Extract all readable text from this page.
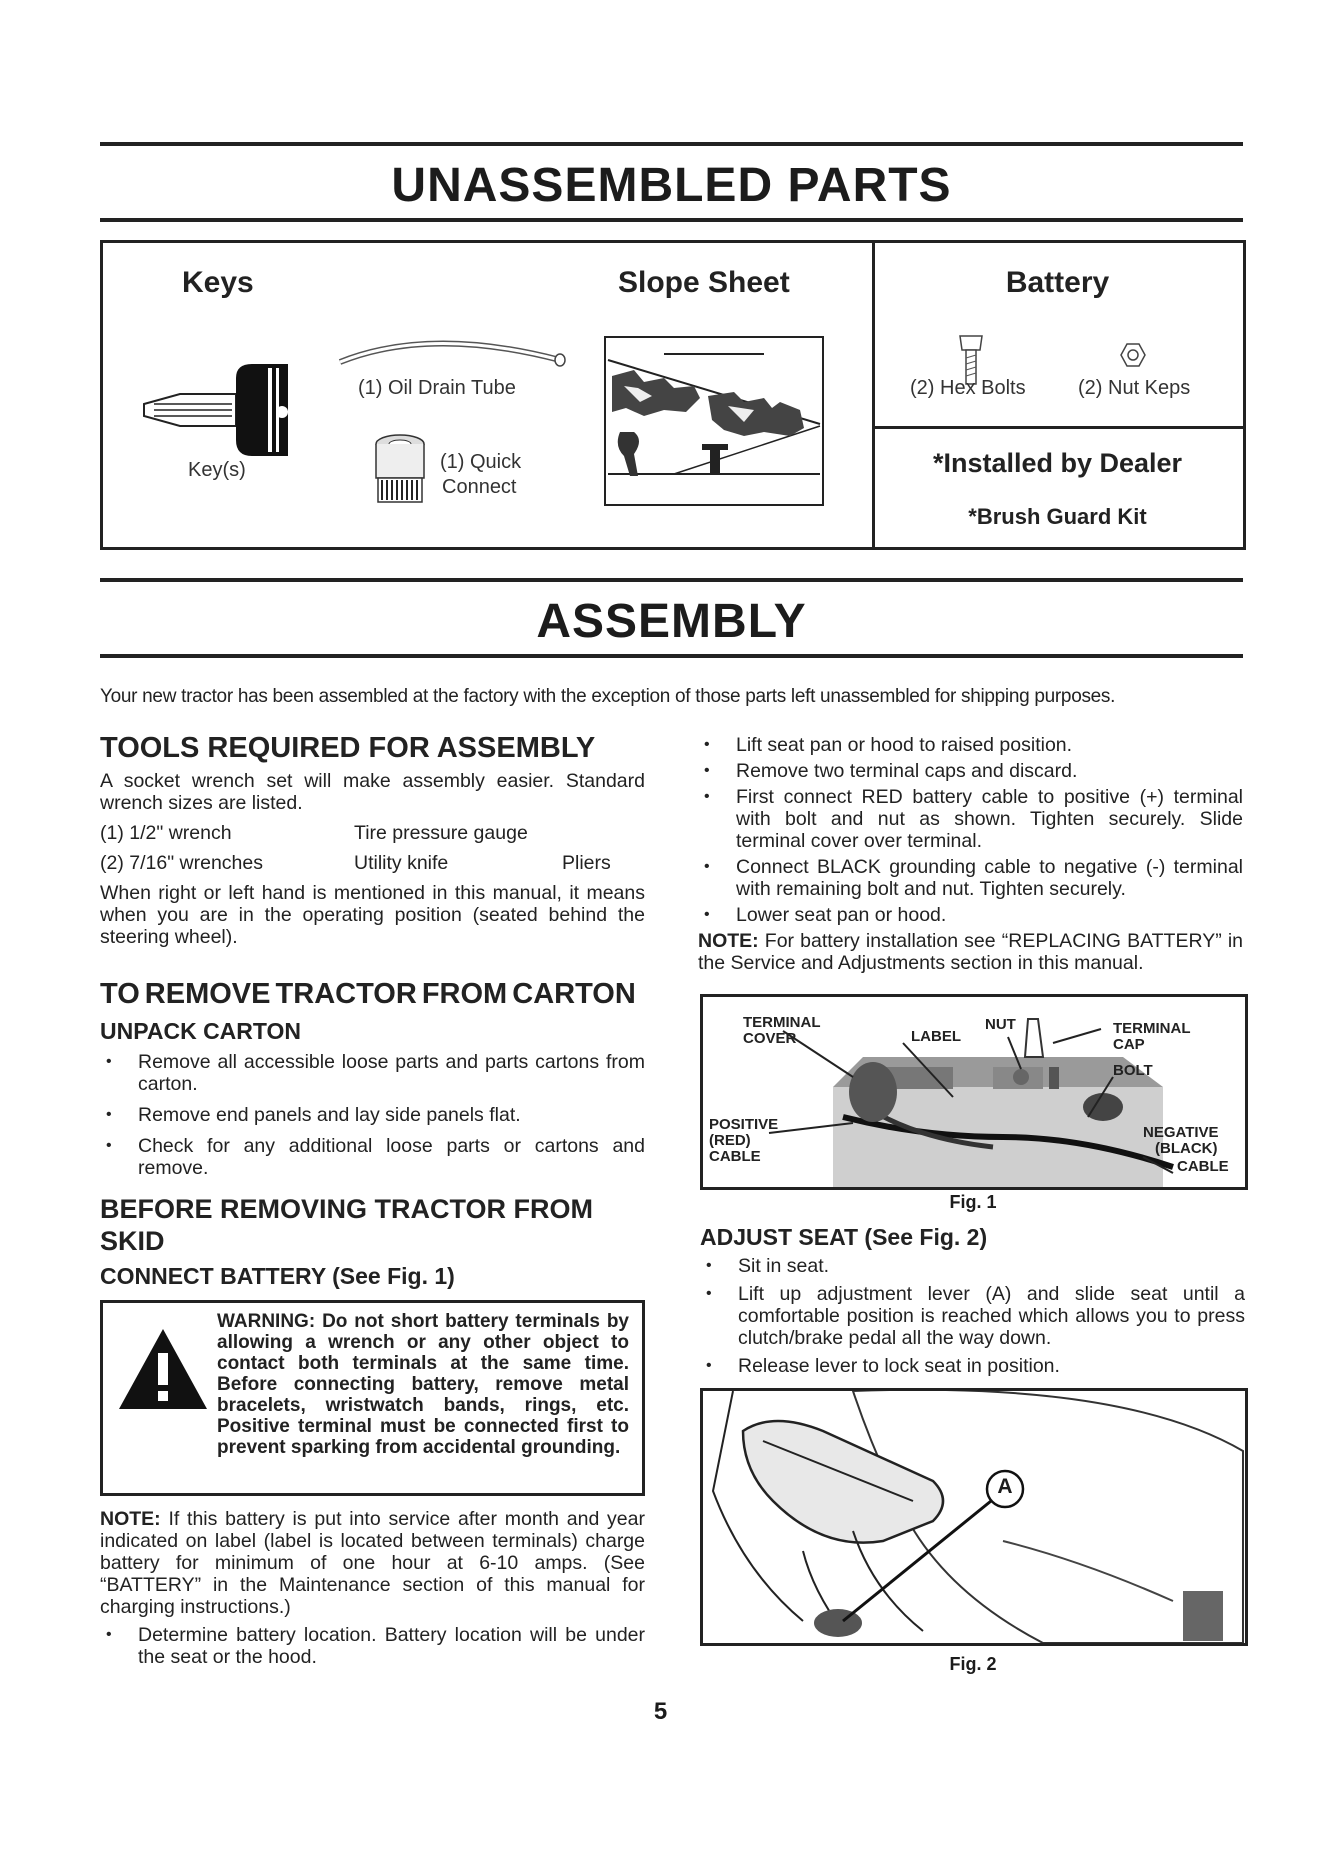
UNASSEMBLED PARTS
Keys	Slope Sheet	Battery
Key(s)
(1) Oil Drain Tube
(1) Quick
Connect
(2) Hex Bolts	(2) Nut Keps
*Installed by Dealer
*Brush Guard Kit
ASSEMBLY
Your new tractor has been assembled at the factory with the exception of those parts left unassembled for shipping purposes.
TOOLS REQUIRED FOR ASSEMBLY
A socket wrench set will make assembly easier. Standard wrench sizes are listed.
(1) 1/2" wrench	Tire pressure gauge
(2) 7/16" wrenches	Utility knife	Pliers
When right or left hand is mentioned in this manual, it means when you are in the operating position (seated behind the steering wheel).
TO REMOVE TRACTOR FROM CARTON
UNPACK CARTON
• Remove all accessible loose parts and parts cartons from carton.
• Remove end panels and lay side panels flat.
• Check for any additional loose parts or cartons and remove.
BEFORE REMOVING TRACTOR FROM
SKID
CONNECT BATTERY (See Fig. 1)
WARNING: Do not short battery terminals by allowing a wrench or any other object to contact both terminals at the same time. Before connecting battery, remove metal bracelets, wristwatch bands, rings, etc. Positive terminal must be connected first to prevent sparking from accidental grounding.
NOTE: If this battery is put into service after month and year indicated on label (label is located between terminals) charge battery for minimum of one hour at 6-10 amps. (See “BATTERY” in the Maintenance section of this manual for charging instructions.)
• Determine battery location. Battery location will be under the seat or the hood.
• Lift seat pan or hood to raised position.
• Remove two terminal caps and discard.
• First connect RED battery cable to positive (+) terminal with bolt and nut as shown. Tighten securely. Slide terminal cover over terminal.
• Connect BLACK grounding cable to negative (-) terminal with remaining bolt and nut. Tighten securely.
• Lower seat pan or hood.
NOTE: For battery installation see “REPLACING BATTERY” in the Service and Adjustments section in this manual.
TERMINAL
COVER	LABEL
NUT	TERMINAL
CAP
BOLT
POSITIVE
(RED)
CABLE
NEGATIVE
(BLACK)
CABLE
Fig. 1
ADJUST SEAT (See Fig. 2)
• Sit in seat.
• Lift up adjustment lever (A) and slide seat until a comfortable position is reached which allows you to press clutch/brake pedal all the way down.
• Release lever to lock seat in position.
A
Fig. 2
5
